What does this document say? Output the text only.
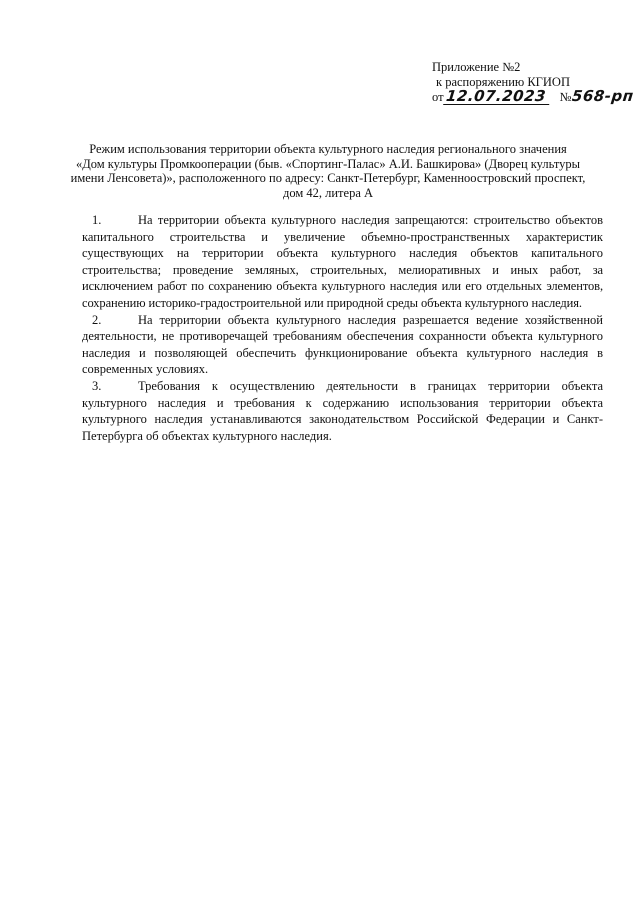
Приложение №2
к распоряжению КГИОП
от12.07.2023 №568-рп
Режим использования территории объекта культурного наследия регионального значения
«Дом культуры Промкооперации (быв. «Спортинг-Палас» А.И. Башкирова» (Дворец культуры
имени Ленсовета)», расположенного по адресу: Санкт-Петербург, Каменноостровский проспект,
дом 42, литера А

1.	На территории объекта культурного наследия запрещаются: строительство объектов капитального строительства и увеличение объемно-пространственных характеристик существующих на территории объекта культурного наследия объектов капитального строительства; проведение земляных, строительных, мелиоративных и иных работ, за исключением работ по сохранению объекта культурного наследия или его отдельных элементов, сохранению историко-градостроительной или природной среды объекта культурного наследия.

2.	На территории объекта культурного наследия разрешается ведение хозяйственной деятельности, не противоречащей требованиям обеспечения сохранности объекта культурного наследия и позволяющей обеспечить функционирование объекта культурного наследия в современных условиях.

3.	Требования к осуществлению деятельности в границах территории объекта культурного наследия и требования к содержанию использования территории объекта культурного наследия устанавливаются законодательством Российской Федерации и Санкт-Петербурга об объектах культурного наследия.
